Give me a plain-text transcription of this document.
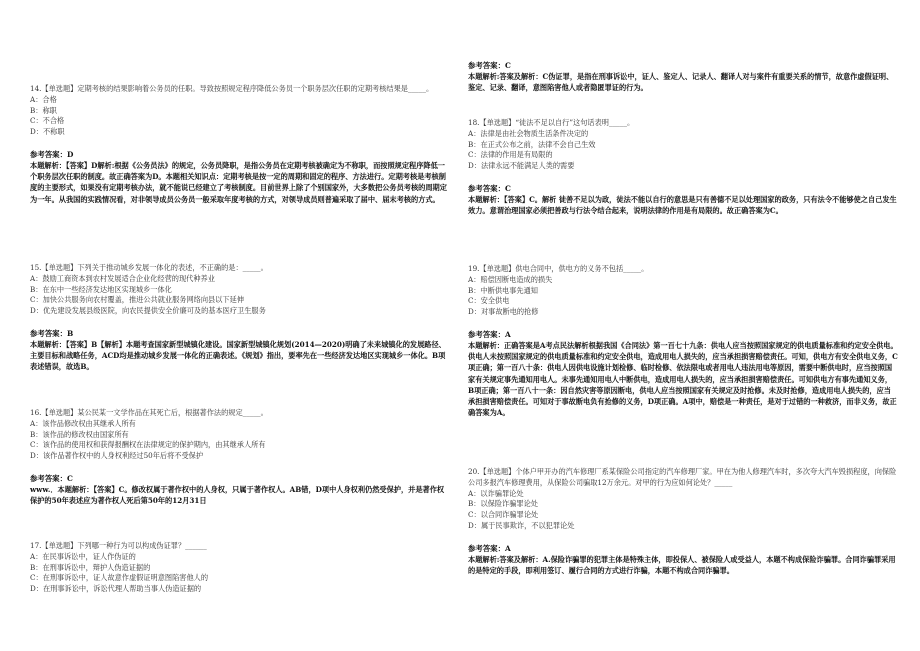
14.【单选题】定期考核的结果影响着公务员的任职。导致按照规定程序降低公务员一个职务层次任职的定期考核结果是_____。
A：合格
B：称职
C：不合格
D：不称职
参考答案：D
本题解析：【答案】D解析:根据《公务员法》的规定，公务员降职，是指公务员在定期考核被确定为不称职，而按照规定程序降低一个职务层次任职的制度。故正确答案为D。本题相关知识点：定期考核是按一定的周期和固定的程序、方法进行。定期考核是考核制度的主要形式，如果没有定期考核办法，就不能说已经建立了考核制度。目前世界上除了个别国家外，大多数把公务员考核的周期定为一年。从我国的实践情况看，对非领导成员公务员一般采取年度考核的方式，对领导成员则普遍采取了届中、届末考核的方式。
15.【单选题】下列关于推动城乡发展一体化的表述，不正确的是：_____。
A：鼓励工商资本到农村发展适合企业化经营的现代种养业
B：在东中一些经济发达地区实现城乡一体化
C：加快公共服务向农村覆盖，推进公共就业服务网络向县以下延伸
D：优先建设发展县级医院，向农民提供安全价廉可及的基本医疗卫生服务
参考答案：B
本题解析：【答案】B【解析】本题考查国家新型城镇化建设。国家新型城镇化规划(2014—2020)明确了未来城镇化的发展路径、主要目标和战略任务，ACD均是推动城乡发展一体化的正确表述。《规划》指出，要率先在一些经济发达地区实现城乡一体化。B项表述错误，故选B。
16.【单选题】某公民某一文学作品在其死亡后，根据著作法的规定_____。
A：该作品修改权由其继承人所有
B：该作品的修改权由国家所有
C：该作品的使用权和获得报酬权在法律规定的保护期内，由其继承人所有
D：该作品著作权中的人身权利经过50年后将不受保护
参考答案：C
www.．本题解析：【答案】C。修改权属于著作权中的人身权，只属于著作权人。AB错，D项中人身权利仍然受保护，并是著作权保护的50年表述应为著作权人死后第50年的12月31日
17.【单选题】下列哪一种行为可以构成伪证罪？______
A：在民事诉讼中，证人作伪证的
B：在刑事诉讼中，辩护人伪造证据的
C：在刑事诉讼中，证人故意作虚假证明意图陷害他人的
D：在刑事诉讼中，诉讼代理人帮助当事人伪造证据的
参考答案：C
本题解析:答案及解析：C伪证罪，是指在刑事诉讼中，证人、鉴定人、记录人、翻译人对与案件有重要关系的情节，故意作虚假证明、鉴定、记录、翻译，意图陷害他人或者隐匿罪证的行为。
18.【单选题】“徒法不足以自行”这句话表明_____。
A：法律是由社会物质生活条件决定的
B：在正式公布之前，法律不会自己生效
C：法律的作用是有局限的
D：法律永远不能满足人类的需要
参考答案：C
本题解析：【答案】C。解析 徒善不足以为政，徒法不能以自行的意思是只有善德不足以处理国家的政务，只有法令不能够使之自己发生效力。意谓治理国家必须把善政与行法令结合起来，说明法律的作用是有局限的。故正确答案为C。
19.【单选题】供电合同中，供电方的义务不包括_____。
A：赔偿因断电造成的损失
B：中断供电事先通知
C：安全供电
D：对事故断电的抢修
参考答案：A
本题解析：正确答案是A考点民法解析根据我国《合同法》第一百七十九条：供电人应当按照国家规定的供电质量标准和约定安全供电。供电人未按照国家规定的供电质量标准和约定安全供电，造成用电人损失的，应当承担损害赔偿责任。可知，供电方有安全供电义务，C项正确；第一百八十条：供电人因供电设施计划检修、临时检修、依法限电或者用电人违法用电等原因，需要中断供电时，应当按照国家有关规定事先通知用电人。未事先通知用电人中断供电，造成用电人损失的，应当承担损害赔偿责任。可知供电方有事先通知义务，B项正确；第一百八十一条：因自然灾害等原因断电，供电人应当按照国家有关规定及时抢修。未及时抢修，造成用电人损失的，应当承担损害赔偿责任。可知对于事故断电负有抢修的义务，D项正确。A项中，赔偿是一种责任，是对于过错的一种救济，而非义务，故正确答案为A。
20.【单选题】个体户甲开办的汽车修理厂系某保险公司指定的汽车修理厂家。甲在为他人修理汽车时，多次夸大汽车毁损程度，向保险公司多报汽车修理费用，从保险公司骗取12万余元。对甲的行为应如何论处？_____
A：以诈骗罪论处
B：以保险诈骗罪论处
C：以合同诈骗罪论处
D：属于民事欺诈，不以犯罪论处
参考答案：A
本题解析:答案及解析：A.保险诈骗罪的犯罪主体是特殊主体，即投保人、被保险人或受益人，本题不构成保险诈骗罪。合同诈骗罪采用的是特定的手段，即利用签订、履行合同的方式进行诈骗，本题不构成合同诈骗罪。
